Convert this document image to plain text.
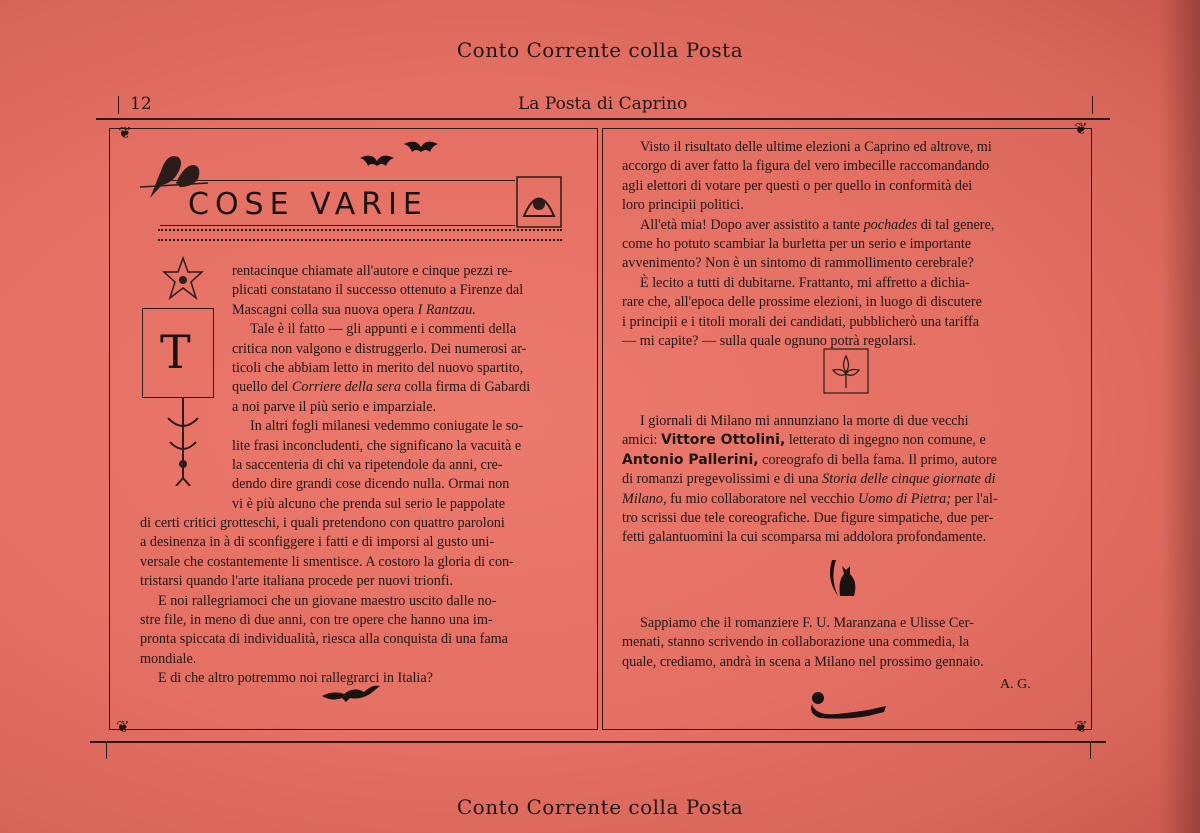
Conto Corrente colla Posta
12	La Posta di Caprino
❦	❦
❦	❦
COSE VARIE
T

rentacinque chiamate all'autore e cinque pezzi re-

plicati constatano il successo ottenuto a Firenze dal

Mascagni colla sua nuova opera I Rantzau.

Tale è il fatto — gli appunti e i commenti della

critica non valgono e distruggerlo. Dei numerosi ar-

ticoli che abbiam letto in merito del nuovo spartito,

quello del Corriere della sera colla firma di Gabardi

a noi parve il più serio e imparziale.

In altri fogli milanesi vedemmo coniugate le so-

lite frasi inconcludenti, che significano la vacuità e

la saccenteria di chi va ripetendole da anni, cre-

dendo dire grandi cose dicendo nulla. Ormai non

vi è più alcuno che prenda sul serio le pappolate

di certi critici grotteschi, i quali pretendono con quattro paroloni

a desinenza in à di sconfiggere i fatti e di imporsi al gusto uni-

versale che costantemente li smentisce. A costoro la gloria di con-

tristarsi quando l'arte italiana procede per nuovi trionfi.

E noi rallegriamoci che un giovane maestro uscito dalle no-

stre file, in meno di due anni, con tre opere che hanno una im-

pronta spiccata di individualità, riesca alla conquista di una fama

mondiale.

E di che altro potremmo noi rallegrarci in Italia?

Visto il risultato delle ultime elezioni a Caprino ed altrove, mi

accorgo di aver fatto la figura del vero imbecille raccomandando

agli elettori di votare per questi o per quello in conformità dei

loro principii politici.

All'età mia! Dopo aver assistito a tante pochades di tal genere,

come ho potuto scambiar la burletta per un serio e importante

avvenimento? Non è un sintomo di rammollimento cerebrale?

È lecito a tutti di dubitarne. Frattanto, mi affretto a dichia-

rare che, all'epoca delle prossime elezioni, in luogo di discutere

i principii e i titoli morali dei candidati, pubblicherò una tariffa

— mi capite? — sulla quale ognuno potrà regolarsi.

I giornali di Milano mi annunziano la morte di due vecchi

amici: Vittore Ottolini, letterato di ingegno non comune, e

Antonio Pallerini, coreografo di bella fama. Il primo, autore

di romanzi pregevolissimi e di una Storia delle cinque giornate di

Milano, fu mio collaboratore nel vecchio Uomo di Pietra; per l'al-

tro scrissi due tele coreografiche. Due figure simpatiche, due per-

fetti galantuomini la cui scomparsa mi addolora profondamente.

Sappiamo che il romanziere F. U. Maranzana e Ulisse Cer-

menati, stanno scrivendo in collaborazione una commedia, la

quale, crediamo, andrà in scena a Milano nel prossimo gennaio.

A. G.
Conto Corrente colla Posta
